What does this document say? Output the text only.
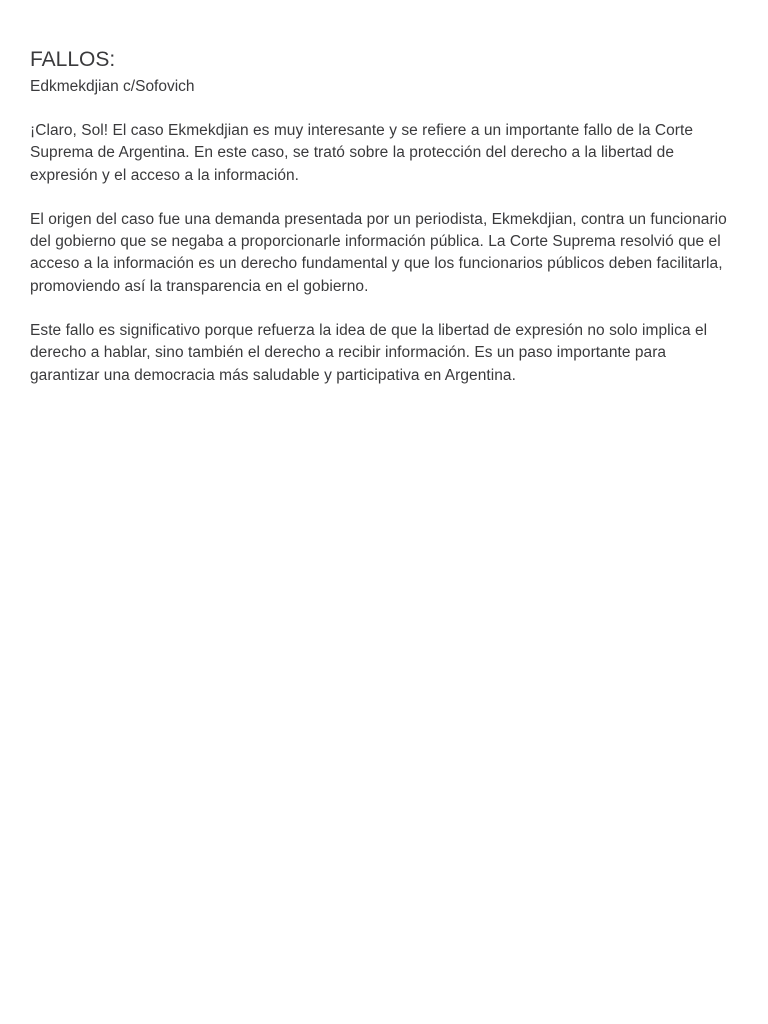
FALLOS:

Edkmekdjian c/Sofovich

¡Claro, Sol! El caso Ekmekdjian es muy interesante y se refiere a un importante fallo de la Corte Suprema de Argentina. En este caso, se trató sobre la protección del derecho a la libertad de expresión y el acceso a la información.

El origen del caso fue una demanda presentada por un periodista, Ekmekdjian, contra un funcionario del gobierno que se negaba a proporcionarle información pública. La Corte Suprema resolvió que el acceso a la información es un derecho fundamental y que los funcionarios públicos deben facilitarla, promoviendo así la transparencia en el gobierno.

Este fallo es significativo porque refuerza la idea de que la libertad de expresión no solo implica el derecho a hablar, sino también el derecho a recibir información. Es un paso importante para garantizar una democracia más saludable y participativa en Argentina.
